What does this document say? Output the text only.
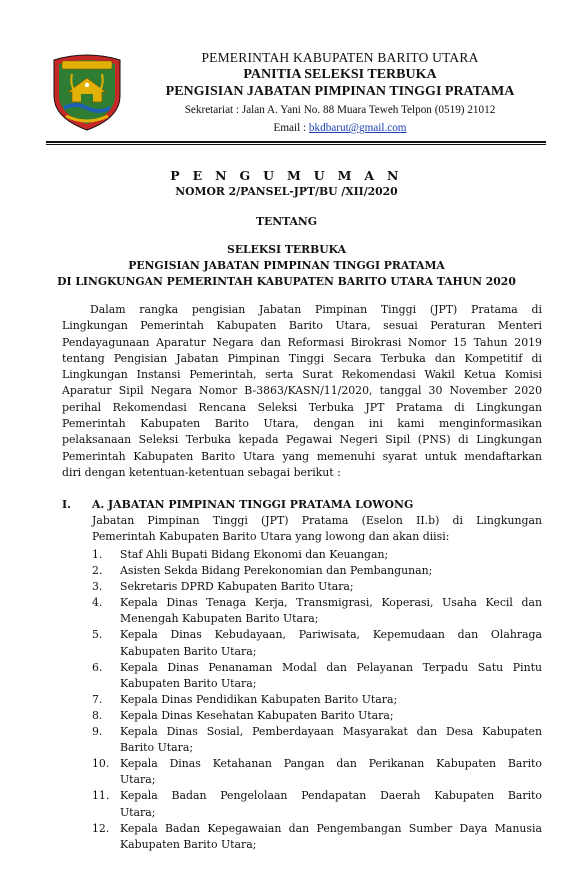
PEMERINTAH KABUPATEN BARITO UTARA
PANITIA SELEKSI TERBUKA
PENGISIAN JABATAN PIMPINAN TINGGI PRATAMA
Sekretariat : Jalan A. Yani No. 88 Muara Teweh Telpon (0519) 21012
Email : bkdbarut@gmail.com
P E N G U M U M A N
NOMOR 2/PANSEL-JPT/BU /XII/2020
TENTANG
SELEKSI TERBUKA
PENGISIAN JABATAN PIMPINAN TINGGI PRATAMA
DI LINGKUNGAN PEMERINTAH KABUPATEN BARITO UTARA TAHUN 2020
Dalam rangka pengisian Jabatan Pimpinan Tinggi (JPT) Pratama di
Lingkungan Pemerintah Kabupaten Barito Utara, sesuai Peraturan Menteri
Pendayagunaan Aparatur Negara dan Reformasi Birokrasi Nomor 15 Tahun 2019
tentang Pengisian Jabatan Pimpinan Tinggi Secara Terbuka dan Kompetitif di
Lingkungan Instansi Pemerintah, serta Surat Rekomendasi Wakil Ketua Komisi
Aparatur Sipil Negara Nomor B-3863/KASN/11/2020, tanggal 30 November 2020
perihal Rekomendasi Rencana Seleksi Terbuka JPT Pratama di Lingkungan
Pemerintah Kabupaten Barito Utara, dengan ini kami menginformasikan
pelaksanaan Seleksi Terbuka kepada Pegawai Negeri Sipil (PNS) di Lingkungan
Pemerintah Kabupaten Barito Utara yang memenuhi syarat untuk mendaftarkan
diri dengan ketentuan-ketentuan sebagai berikut :
I. A. JABATAN PIMPINAN TINGGI PRATAMA LOWONG
Jabatan Pimpinan Tinggi (JPT) Pratama (Eselon II.b) di Lingkungan
Pemerintah Kabupaten Barito Utara yang lowong dan akan diisi:
1.	Staf Ahli Bupati Bidang Ekonomi dan Keuangan;
2.	Asisten Sekda Bidang Perekonomian dan Pembangunan;
3.	Sekretaris DPRD Kabupaten Barito Utara;
4.	Kepala Dinas Tenaga Kerja, Transmigrasi, Koperasi, Usaha Kecil dan
Menengah Kabupaten Barito Utara;
5.	Kepala Dinas Kebudayaan, Pariwisata, Kepemudaan dan Olahraga
Kabupaten Barito Utara;
6.	Kepala Dinas Penanaman Modal dan Pelayanan Terpadu Satu Pintu
Kabupaten Barito Utara;
7.	Kepala Dinas Pendidikan Kabupaten Barito Utara;
8.	Kepala Dinas Kesehatan Kabupaten Barito Utara;
9.	Kepala Dinas Sosial, Pemberdayaan Masyarakat dan Desa Kabupaten
Barito Utara;
10. Kepala Dinas Ketahanan Pangan dan Perikanan Kabupaten Barito
Utara;
11. Kepala Badan Pengelolaan Pendapatan Daerah Kabupaten Barito
Utara;
12. Kepala Badan Kepegawaian dan Pengembangan Sumber Daya Manusia
Kabupaten Barito Utara;
